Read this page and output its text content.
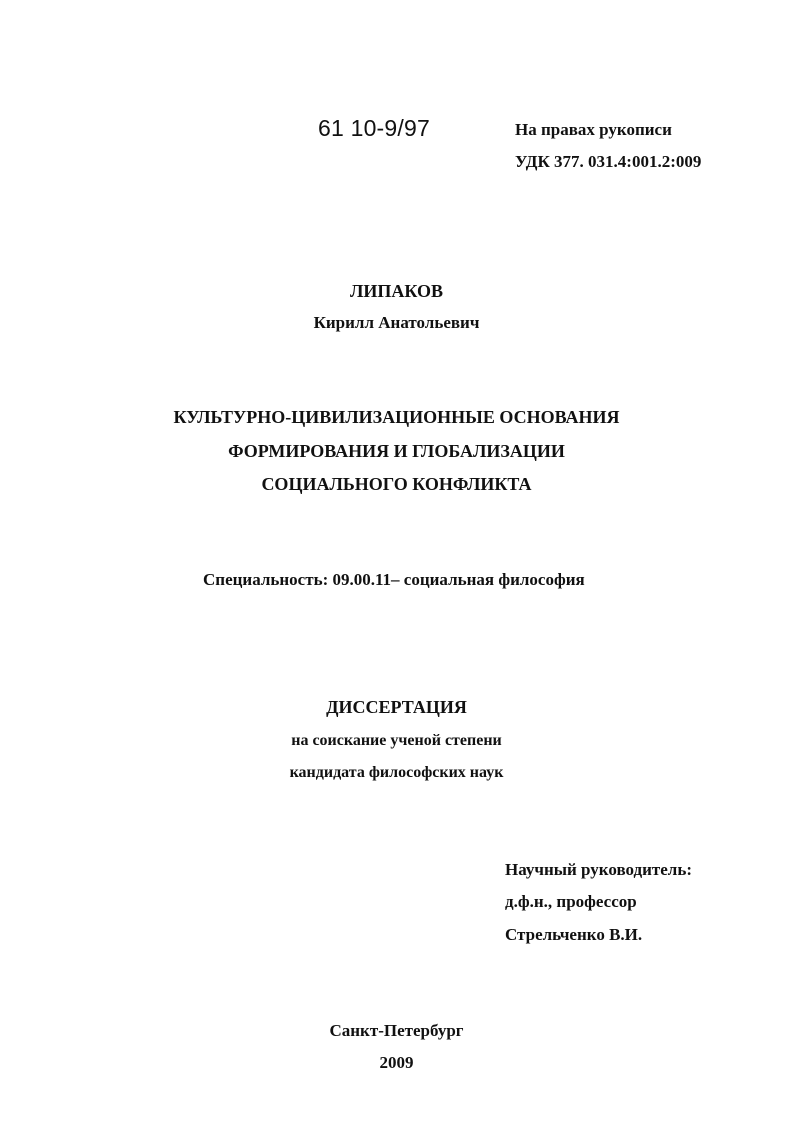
61 10-9/97	На правах рукописи
УДК 377. 031.4:001.2:009
ЛИПАКОВ
Кирилл Анатольевич
КУЛЬТУРНО-ЦИВИЛИЗАЦИОННЫЕ ОСНОВАНИЯ
ФОРМИРОВАНИЯ И ГЛОБАЛИЗАЦИИ
СОЦИАЛЬНОГО КОНФЛИКТА
Специальность: 09.00.11– социальная философия
ДИССЕРТАЦИЯ
на соискание ученой степени
кандидата философских наук
Научный руководитель:
д.ф.н., профессор
Стрельченко В.И.
Санкт-Петербург
2009
